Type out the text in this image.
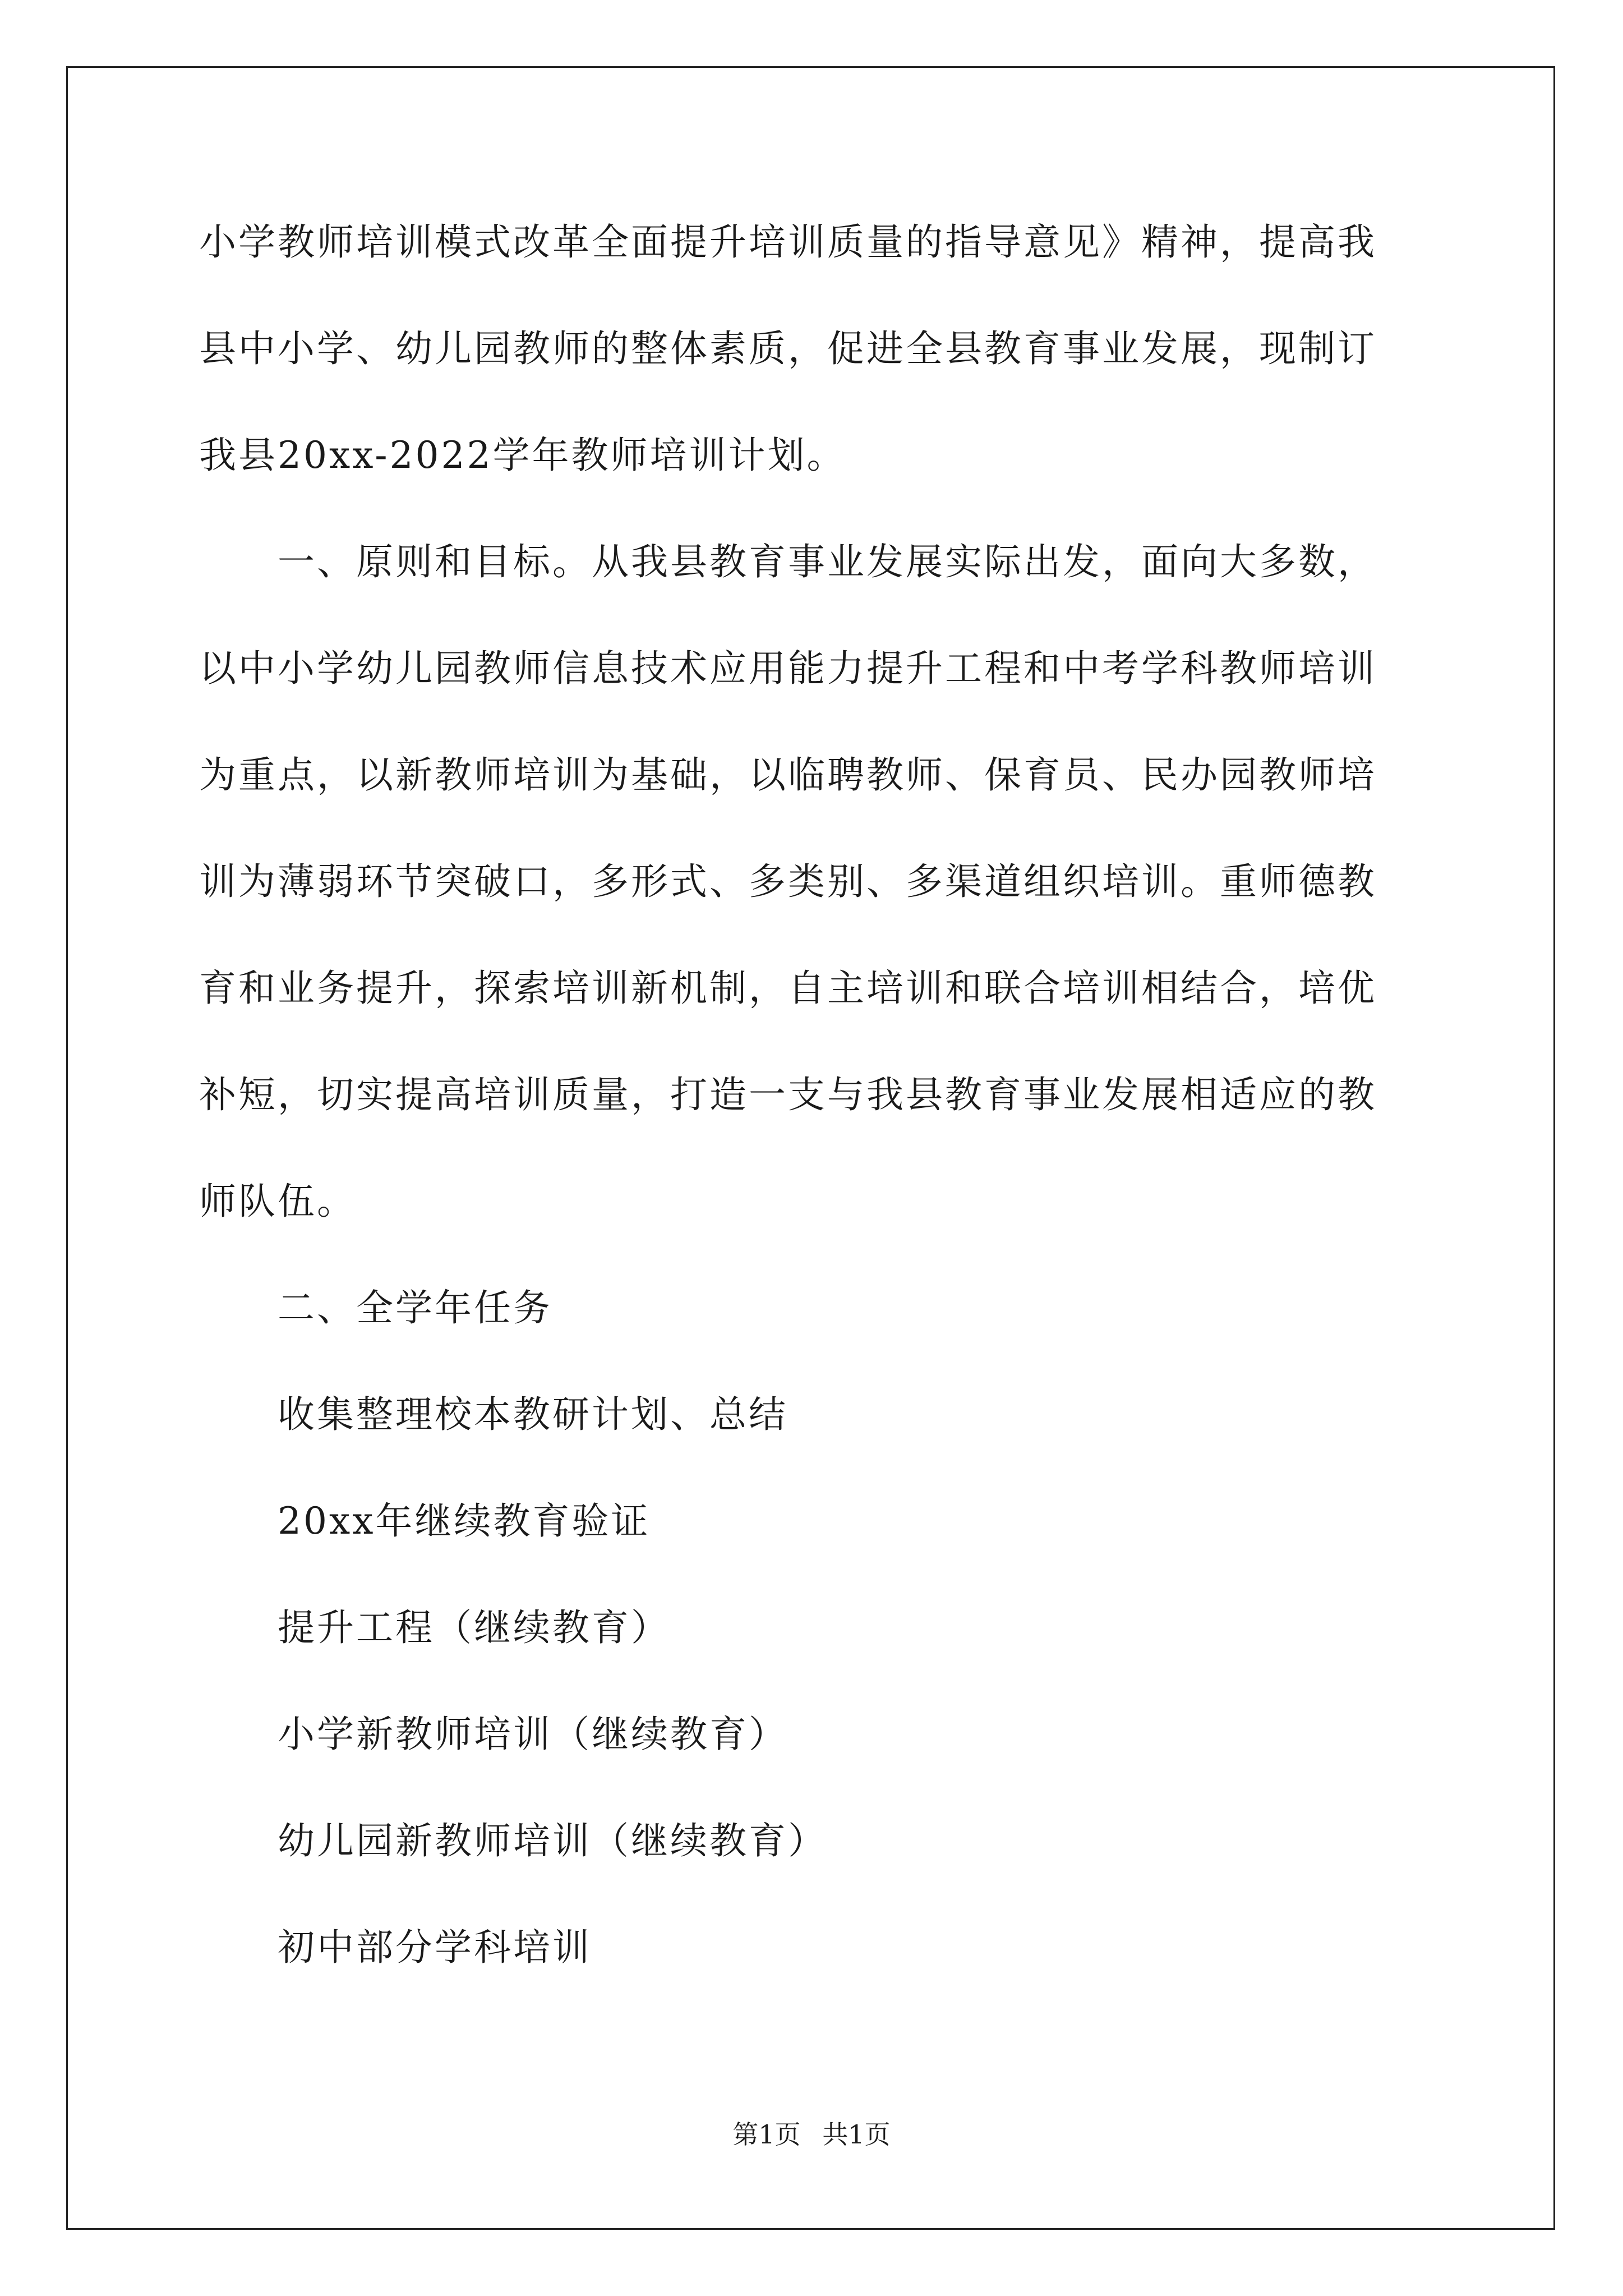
小学教师培训模式改革全面提升培训质量的指导意见》精神，提高我
县中小学、幼儿园教师的整体素质，促进全县教育事业发展，现制订
我县20xx-2022学年教师培训计划。
一、原则和目标。从我县教育事业发展实际出发，面向大多数，
以中小学幼儿园教师信息技术应用能力提升工程和中考学科教师培训
为重点，以新教师培训为基础，以临聘教师、保育员、民办园教师培
训为薄弱环节突破口，多形式、多类别、多渠道组织培训。重师德教
育和业务提升，探索培训新机制，自主培训和联合培训相结合，培优
补短，切实提高培训质量，打造一支与我县教育事业发展相适应的教
师队伍。
二、全学年任务
收集整理校本教研计划、总结
20xx年继续教育验证
提升工程（继续教育）
小学新教师培训（继续教育）
幼儿园新教师培训（继续教育）
初中部分学科培训
第1页 共1页
